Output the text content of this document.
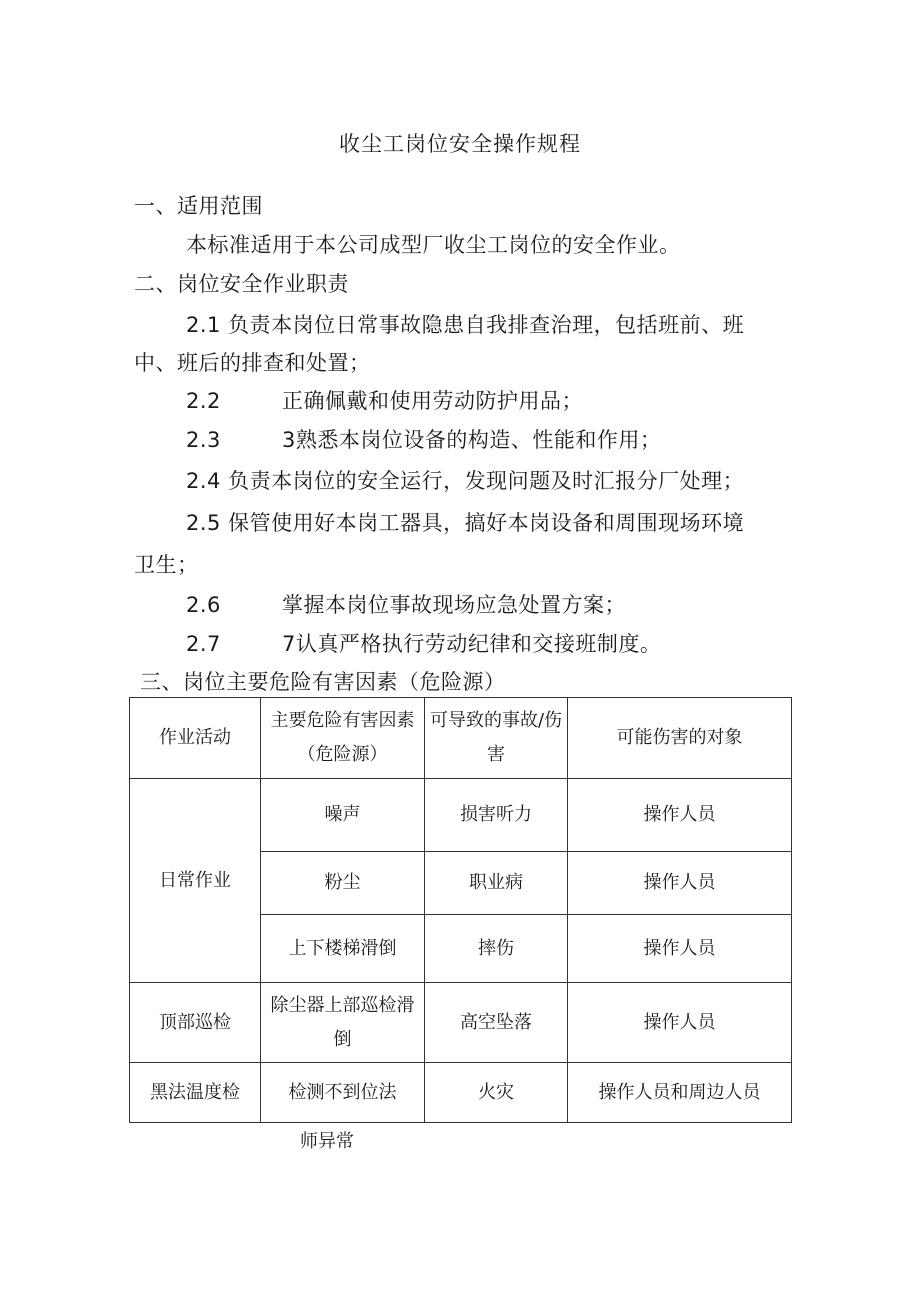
收尘工岗位安全操作规程
一、适用范围
本标准适用于本公司成型厂收尘工岗位的安全作业。
二、岗位安全作业职责
2.1 负责本岗位日常事故隐患自我排查治理，包括班前、班
中、班后的排查和处置；
2.2	正确佩戴和使用劳动防护用品；
2.3	3熟悉本岗位设备的构造、性能和作用；
2.4 负责本岗位的安全运行，发现问题及时汇报分厂处理；
2.5 保管使用好本岗工器具，搞好本岗设备和周围现场环境
卫生；
2.6	掌握本岗位事故现场应急处置方案；
2.7	7认真严格执行劳动纪律和交接班制度。
三、岗位主要危险有害因素（危险源）
作业活动	主要危险有害因素（危险源）	可导致的事故/伤害	可能伤害的对象
日常作业	噪声	损害听力	操作人员
	粉尘	职业病	操作人员
	上下楼梯滑倒	摔伤	操作人员
顶部巡检	除尘器上部巡检滑倒	高空坠落	操作人员
黑法温度检	检测不到位法	火灾	操作人员和周边人员
师异常
